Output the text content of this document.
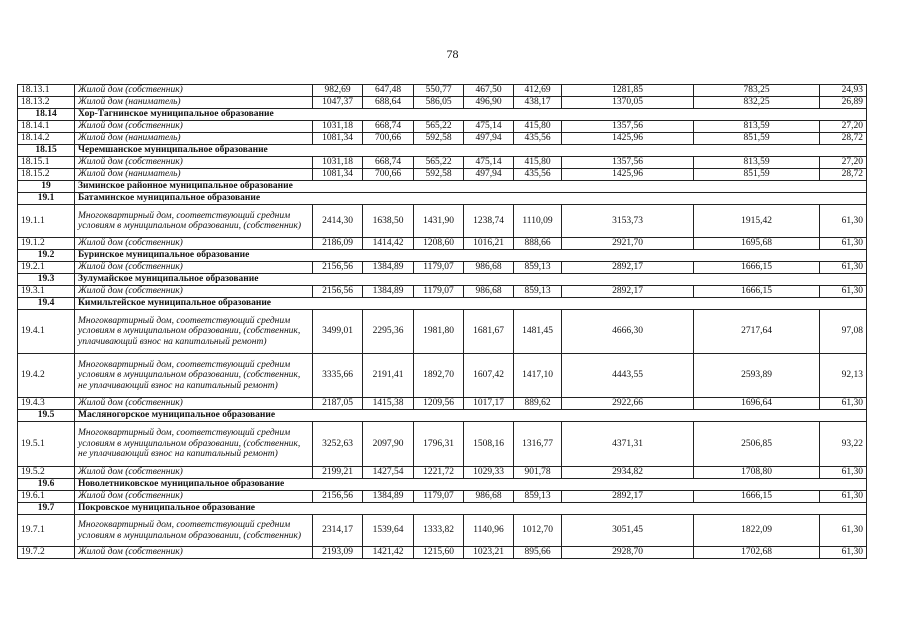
78
18.13.1	Жилой дом (собственник)	982,69	647,48	550,77	467,50	412,69	1281,85	783,25	24,93
18.13.2	Жилой дом (наниматель)	1047,37	688,64	586,05	496,90	438,17	1370,05	832,25	26,89
18.14	Хор-Тагнинское муниципальное образование								
18.14.1	Жилой дом (собственник)	1031,18	668,74	565,22	475,14	415,80	1357,56	813,59	27,20
18.14.2	Жилой дом (наниматель)	1081,34	700,66	592,58	497,94	435,56	1425,96	851,59	28,72
18.15	Черемшанское муниципальное образование								
18.15.1	Жилой дом (собственник)	1031,18	668,74	565,22	475,14	415,80	1357,56	813,59	27,20
18.15.2	Жилой дом (наниматель)	1081,34	700,66	592,58	497,94	435,56	1425,96	851,59	28,72
19	Зиминское районное муниципальное образование								
19.1	Батаминское муниципальное образование								
19.1.1	Многоквартирный дом, соответствующий средним условиям в муниципальном образовании, (собственник)	2414,30	1638,50	1431,90	1238,74	1110,09	3153,73	1915,42	61,30
19.1.2	Жилой дом (собственник)	2186,09	1414,42	1208,60	1016,21	888,66	2921,70	1695,68	61,30
19.2	Буринское муниципальное образование								
19.2.1	Жилой дом (собственник)	2156,56	1384,89	1179,07	986,68	859,13	2892,17	1666,15	61,30
19.3	Зулумайское муниципальное образование								
19.3.1	Жилой дом (собственник)	2156,56	1384,89	1179,07	986,68	859,13	2892,17	1666,15	61,30
19.4	Кимильтейское муниципальное образование								
19.4.1	Многоквартирный дом, соответствующий средним условиям в муниципальном образовании, (собственник, уплачивающий взнос на капитальный ремонт)	3499,01	2295,36	1981,80	1681,67	1481,45	4666,30	2717,64	97,08
19.4.2	Многоквартирный дом, соответствующий средним условиям в муниципальном образовании, (собственник, не уплачивающий взнос на капитальный ремонт)	3335,66	2191,41	1892,70	1607,42	1417,10	4443,55	2593,89	92,13
19.4.3	Жилой дом (собственник)	2187,05	1415,38	1209,56	1017,17	889,62	2922,66	1696,64	61,30
19.5	Масляногорское муниципальное образование								
19.5.1	Многоквартирный дом, соответствующий средним условиям в муниципальном образовании, (собственник, не уплачивающий взнос на капитальный ремонт)	3252,63	2097,90	1796,31	1508,16	1316,77	4371,31	2506,85	93,22
19.5.2	Жилой дом (собственник)	2199,21	1427,54	1221,72	1029,33	901,78	2934,82	1708,80	61,30
19.6	Новолетниковское муниципальное образование								
19.6.1	Жилой дом (собственник)	2156,56	1384,89	1179,07	986,68	859,13	2892,17	1666,15	61,30
19.7	Покровское муниципальное образование								
19.7.1	Многоквартирный дом, соответствующий средним условиям в муниципальном образовании, (собственник)	2314,17	1539,64	1333,82	1140,96	1012,70	3051,45	1822,09	61,30
19.7.2	Жилой дом (собственник)	2193,09	1421,42	1215,60	1023,21	895,66	2928,70	1702,68	61,30
